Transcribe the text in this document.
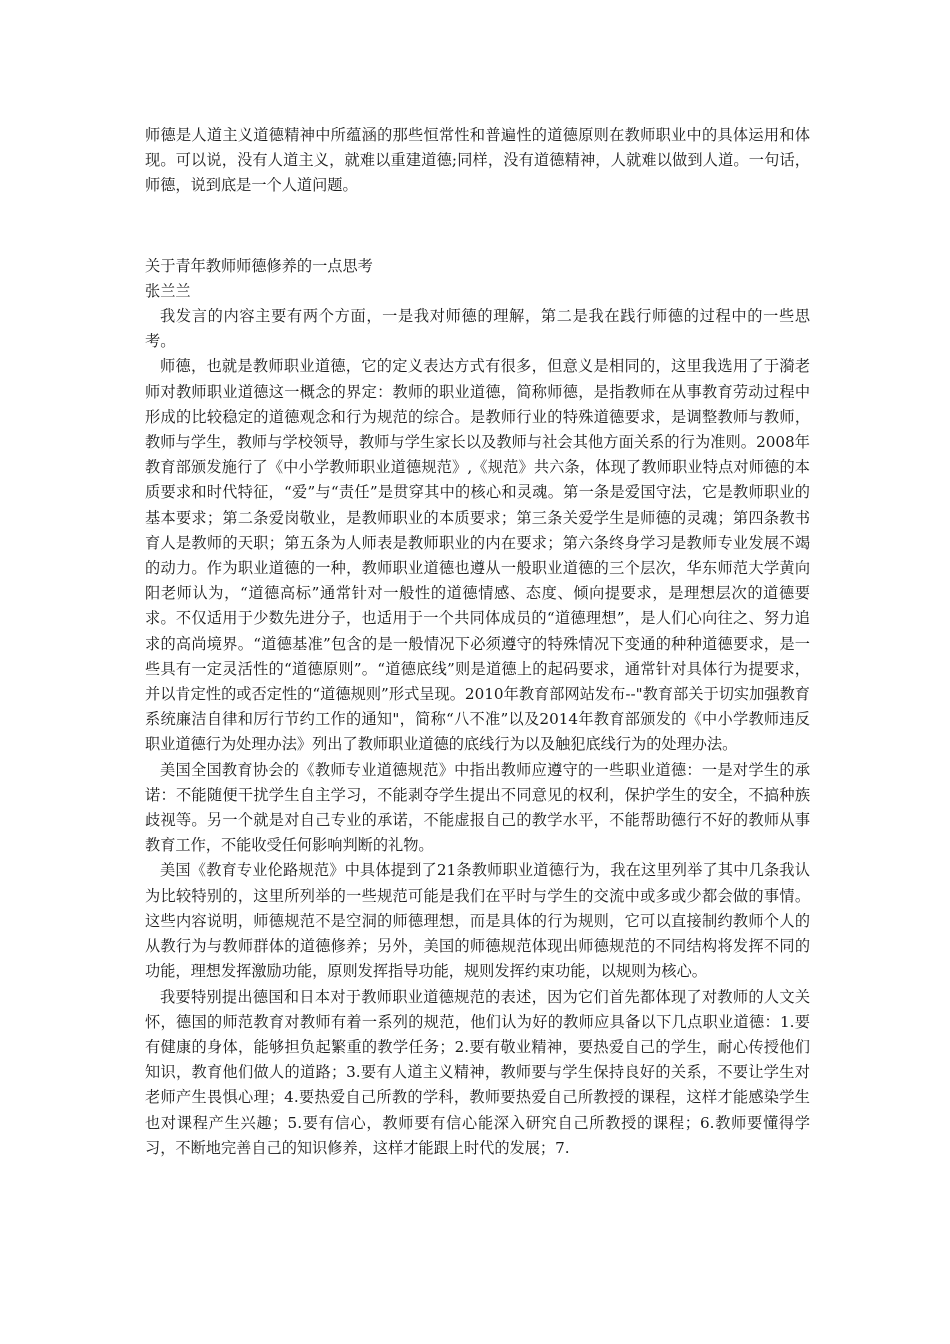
师德是人道主义道德精神中所蕴涵的那些恒常性和普遍性的道德原则在教师职业中的具体运用和体现。可以说，没有人道主义，就难以重建道德;同样，没有道德精神，人就难以做到人道。一句话，师德，说到底是一个人道问题。

关于青年教师师德修养的一点思考

张兰兰

我发言的内容主要有两个方面，一是我对师德的理解，第二是我在践行师德的过程中的一些思考。

师德，也就是教师职业道德，它的定义表达方式有很多，但意义是相同的，这里我选用了于漪老师对教师职业道德这一概念的界定：教师的职业道德，简称师德，是指教师在从事教育劳动过程中形成的比较稳定的道德观念和行为规范的综合。是教师行业的特殊道德要求，是调整教师与教师，教师与学生，教师与学校领导，教师与学生家长以及教师与社会其他方面关系的行为准则。2008年教育部颁发施行了《中小学教师职业道德规范》,《规范》共六条，体现了教师职业特点对师德的本质要求和时代特征，“爱”与“责任”是贯穿其中的核心和灵魂。第一条是爱国守法，它是教师职业的基本要求；第二条爱岗敬业，是教师职业的本质要求；第三条关爱学生是师德的灵魂；第四条教书育人是教师的天职；第五条为人师表是教师职业的内在要求；第六条终身学习是教师专业发展不竭的动力。作为职业道德的一种，教师职业道德也遵从一般职业道德的三个层次，华东师范大学黄向阳老师认为，“道德高标”通常针对一般性的道德情感、态度、倾向提要求，是理想层次的道德要求。不仅适用于少数先进分子，也适用于一个共同体成员的“道德理想”，是人们心向往之、努力追求的高尚境界。“道德基准”包含的是一般情况下必须遵守的特殊情况下变通的种种道德要求，是一些具有一定灵活性的“道德原则”。“道德底线”则是道德上的起码要求，通常针对具体行为提要求，并以肯定性的或否定性的“道德规则”形式呈现。2010年教育部网站发布--"教育部关于切实加强教育系统廉洁自律和厉行节约工作的通知"，简称“八不准”以及2014年教育部颁发的《中小学教师违反职业道德行为处理办法》列出了教师职业道德的底线行为以及触犯底线行为的处理办法。

美国全国教育协会的《教师专业道德规范》中指出教师应遵守的一些职业道德：一是对学生的承诺：不能随便干扰学生自主学习，不能剥夺学生提出不同意见的权利，保护学生的安全，不搞种族歧视等。另一个就是对自己专业的承诺，不能虚报自己的教学水平，不能帮助德行不好的教师从事教育工作，不能收受任何影响判断的礼物。

美国《教育专业伦路规范》中具体提到了21条教师职业道德行为，我在这里列举了其中几条我认为比较特别的，这里所列举的一些规范可能是我们在平时与学生的交流中或多或少都会做的事情。这些内容说明，师德规范不是空洞的师德理想，而是具体的行为规则，它可以直接制约教师个人的从教行为与教师群体的道德修养；另外，美国的师德规范体现出师德规范的不同结构将发挥不同的功能，理想发挥激励功能，原则发挥指导功能，规则发挥约束功能，以规则为核心。

我要特别提出德国和日本对于教师职业道德规范的表述，因为它们首先都体现了对教师的人文关怀，德国的师范教育对教师有着一系列的规范，他们认为好的教师应具备以下几点职业道德：1.要有健康的身体，能够担负起繁重的教学任务；2.要有敬业精神，要热爱自己的学生，耐心传授他们知识，教育他们做人的道路；3.要有人道主义精神，教师要与学生保持良好的关系，不要让学生对老师产生畏惧心理；4.要热爱自己所教的学科，教师要热爱自己所教授的课程，这样才能感染学生也对课程产生兴趣；5.要有信心，教师要有信心能深入研究自己所教授的课程；6.教师要懂得学习，不断地完善自己的知识修养，这样才能跟上时代的发展；7.
